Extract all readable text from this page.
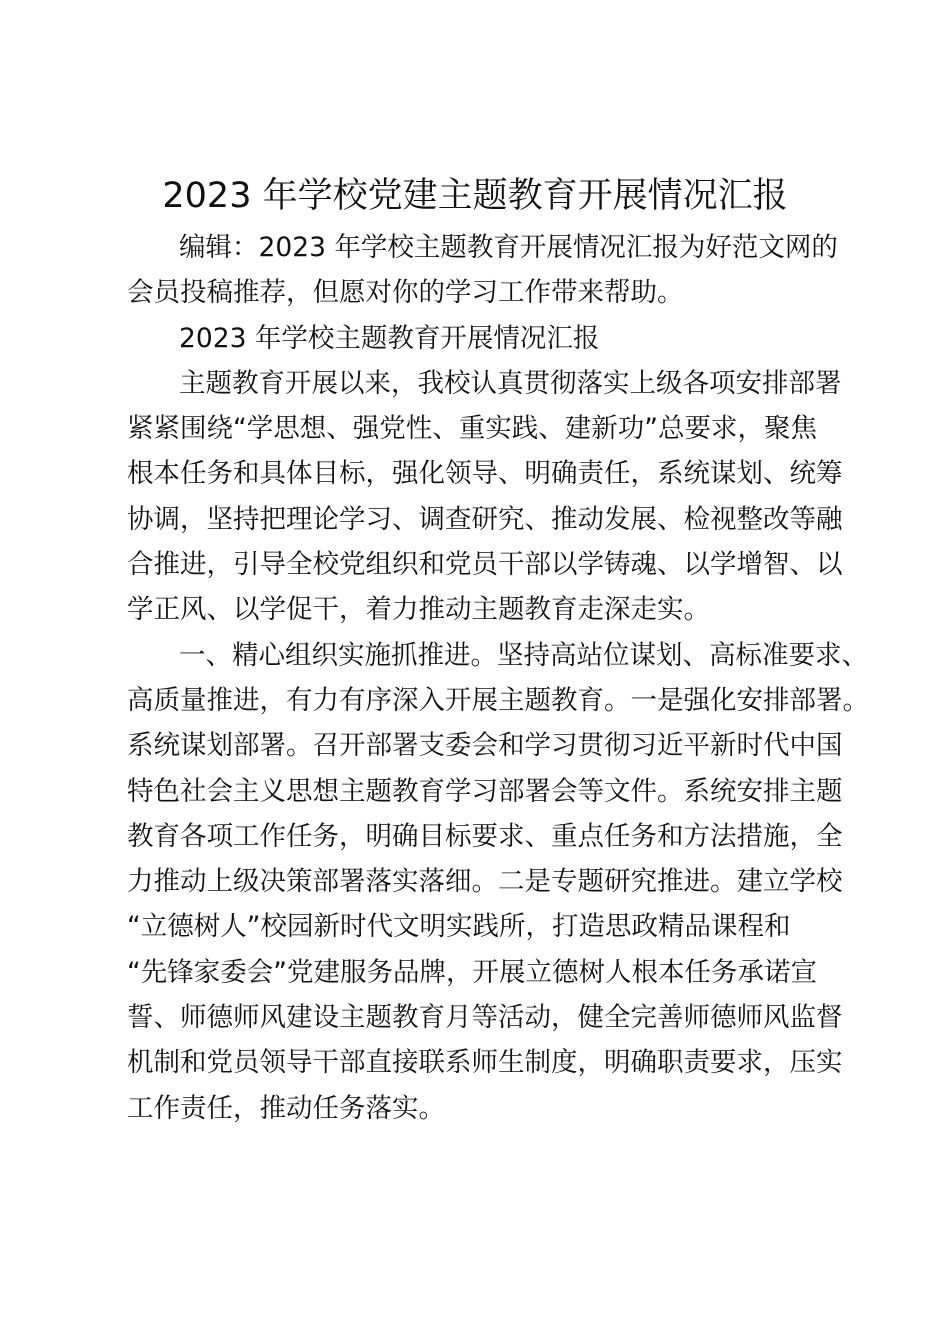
2023 年学校党建主题教育开展情况汇报
编辑：2023 年学校主题教育开展情况汇报为好范文网的
会员投稿推荐，但愿对你的学习工作带来帮助。
2023 年学校主题教育开展情况汇报
主题教育开展以来，我校认真贯彻落实上级各项安排部署
紧紧围绕“学思想、强党性、重实践、建新功”总要求，聚焦
根本任务和具体目标，强化领导、明确责任，系统谋划、统筹
协调，坚持把理论学习、调查研究、推动发展、检视整改等融
合推进，引导全校党组织和党员干部以学铸魂、以学增智、以
学正风、以学促干，着力推动主题教育走深走实。
一、精心组织实施抓推进。坚持高站位谋划、高标准要求、
高质量推进，有力有序深入开展主题教育。一是强化安排部署。
系统谋划部署。召开部署支委会和学习贯彻习近平新时代中国
特色社会主义思想主题教育学习部署会等文件。系统安排主题
教育各项工作任务，明确目标要求、重点任务和方法措施，全
力推动上级决策部署落实落细。二是专题研究推进。建立学校
“立德树人”校园新时代文明实践所，打造思政精品课程和
“先锋家委会”党建服务品牌，开展立德树人根本任务承诺宣
誓、师德师风建设主题教育月等活动，健全完善师德师风监督
机制和党员领导干部直接联系师生制度，明确职责要求，压实
工作责任，推动任务落实。
